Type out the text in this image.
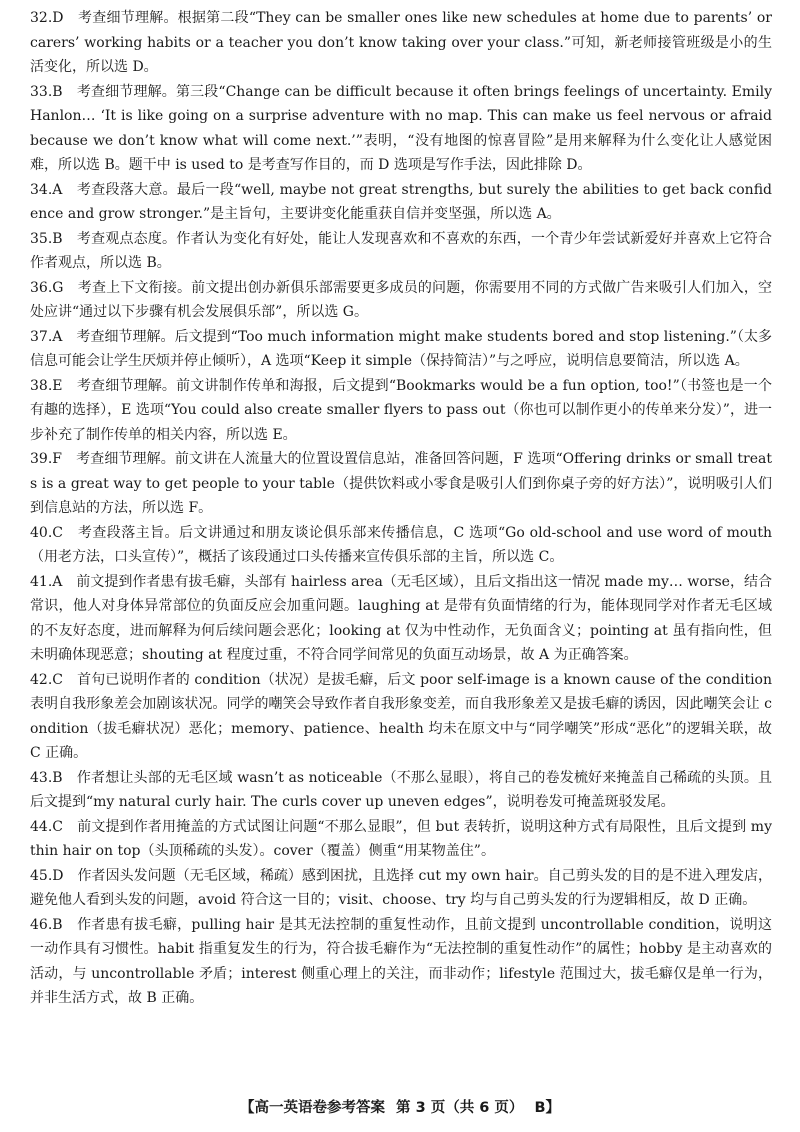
32.D　考查细节理解。根据第二段“They can be smaller ones like new schedules at home due to parents’ or carers’ working habits or a teacher you don’t know taking over your class.”可知，新老师接管班级是小的生活变化，所以选 D。

33.B　考查细节理解。第三段“Change can be difficult because it often brings feelings of uncertainty. Emily Hanlon… ‘It is like going on a surprise adventure with no map. This can make us feel nervous or afraid because we don’t know what will come next.’”表明，“没有地图的惊喜冒险”是用来解释为什么变化让人感觉困难，所以选 B。题干中 is used to 是考查写作目的，而 D 选项是写作手法，因此排除 D。

34.A　考查段落大意。最后一段“well, maybe not great strengths, but surely the abilities to get back confidence and grow stronger.”是主旨句，主要讲变化能重获自信并变坚强，所以选 A。

35.B　考查观点态度。作者认为变化有好处，能让人发现喜欢和不喜欢的东西，一个青少年尝试新爱好并喜欢上它符合作者观点，所以选 B。

36.G　考查上下文衔接。前文提出创办新俱乐部需要更多成员的问题，你需要用不同的方式做广告来吸引人们加入，空处应讲“通过以下步骤有机会发展俱乐部”，所以选 G。

37.A　考查细节理解。后文提到“Too much information might make students bored and stop listening.”（太多信息可能会让学生厌烦并停止倾听），A 选项“Keep it simple（保持简洁）”与之呼应，说明信息要简洁，所以选 A。

38.E　考查细节理解。前文讲制作传单和海报，后文提到“Bookmarks would be a fun option, too!”（书签也是一个有趣的选择），E 选项“You could also create smaller flyers to pass out（你也可以制作更小的传单来分发）”，进一步补充了制作传单的相关内容，所以选 E。

39.F　考查细节理解。前文讲在人流量大的位置设置信息站，准备回答问题，F 选项“Offering drinks or small treats is a great way to get people to your table（提供饮料或小零食是吸引人们到你桌子旁的好方法）”，说明吸引人们到信息站的方法，所以选 F。

40.C　考查段落主旨。后文讲通过和朋友谈论俱乐部来传播信息，C 选项“Go old-school and use word of mouth（用老方法，口头宣传）”，概括了该段通过口头传播来宣传俱乐部的主旨，所以选 C。

41.A　前文提到作者患有拔毛癖，头部有 hairless area（无毛区域），且后文指出这一情况 made my… worse，结合常识，他人对身体异常部位的负面反应会加重问题。laughing at 是带有负面情绪的行为，能体现同学对作者无毛区域的不友好态度，进而解释为何后续问题会恶化；looking at 仅为中性动作，无负面含义；pointing at 虽有指向性，但未明确体现恶意；shouting at 程度过重，不符合同学间常见的负面互动场景，故 A 为正确答案。

42.C　首句已说明作者的 condition（状况）是拔毛癖，后文 poor self-image is a known cause of the condition 表明自我形象差会加剧该状况。同学的嘲笑会导致作者自我形象变差，而自我形象差又是拔毛癖的诱因，因此嘲笑会让 condition（拔毛癖状况）恶化；memory、patience、health 均未在原文中与“同学嘲笑”形成“恶化”的逻辑关联，故 C 正确。

43.B　作者想让头部的无毛区域 wasn’t as noticeable（不那么显眼），将自己的卷发梳好来掩盖自己稀疏的头顶。且后文提到“my natural curly hair. The curls cover up uneven edges”，说明卷发可掩盖斑驳发尾。

44.C　前文提到作者用掩盖的方式试图让问题“不那么显眼”，但 but 表转折，说明这种方式有局限性，且后文提到 my thin hair on top（头顶稀疏的头发）。cover（覆盖）侧重“用某物盖住”。

45.D　作者因头发问题（无毛区域，稀疏）感到困扰，且选择 cut my own hair。自己剪头发的目的是不进入理发店，避免他人看到头发的问题，avoid 符合这一目的；visit、choose、try 均与自己剪头发的行为逻辑相反，故 D 正确。

46.B　作者患有拔毛癖，pulling hair 是其无法控制的重复性动作，且前文提到 uncontrollable condition，说明这一动作具有习惯性。habit 指重复发生的行为，符合拔毛癖作为“无法控制的重复性动作”的属性；hobby 是主动喜欢的活动，与 uncontrollable 矛盾；interest 侧重心理上的关注，而非动作；lifestyle 范围过大，拔毛癖仅是单一行为，并非生活方式，故 B 正确。

【高一英语卷参考答案 第 3 页（共 6 页） B】
